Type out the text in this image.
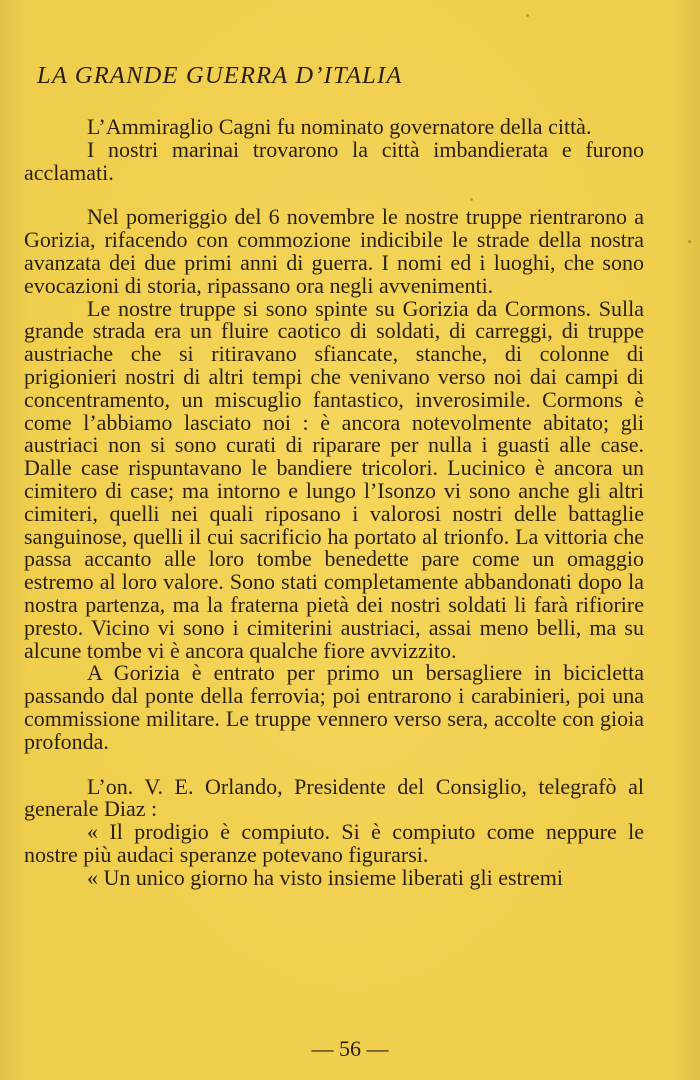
LA GRANDE GUERRA D’ITALIA

L’Ammiraglio Cagni fu nominato governatore della città.

I nostri marinai trovarono la città imbandierata e furono acclamati.

Nel pomeriggio del 6 novembre le nostre truppe rientrarono a Gorizia, rifacendo con commozione indicibile le strade della nostra avanzata dei due primi anni di guerra. I nomi ed i luoghi, che sono evocazioni di storia, ripassano ora negli avvenimenti.

Le nostre truppe si sono spinte su Gorizia da Cormons. Sulla grande strada era un fluire caotico di soldati, di carreggi, di truppe austriache che si ritiravano sfiancate, stanche, di colonne di prigionieri nostri di altri tempi che venivano verso noi dai campi di concentramento, un miscuglio fantastico, inverosimile. Cormons è come l’abbiamo lasciato noi : è ancora notevolmente abitato; gli austriaci non si sono curati di riparare per nulla i guasti alle case. Dalle case rispuntavano le bandiere tricolori. Lucinico è ancora un cimitero di case; ma intorno e lungo l’Isonzo vi sono anche gli altri cimiteri, quelli nei quali riposano i valorosi nostri delle battaglie sanguinose, quelli il cui sacrificio ha portato al trionfo. La vittoria che passa accanto alle loro tombe benedette pare come un omaggio estremo al loro valore. Sono stati completamente abbandonati dopo la nostra partenza, ma la fraterna pietà dei nostri soldati li farà rifiorire presto. Vicino vi sono i cimiterini austriaci, assai meno belli, ma su alcune tombe vi è ancora qualche fiore avvizzito.

A Gorizia è entrato per primo un bersagliere in bicicletta passando dal ponte della ferrovia; poi entrarono i carabinieri, poi una commissione militare. Le truppe vennero verso sera, accolte con gioia profonda.

L’on. V. E. Orlando, Presidente del Consiglio, telegrafò al generale Diaz :

« Il prodigio è compiuto. Si è compiuto come neppure le nostre più audaci speranze potevano figurarsi.

« Un unico giorno ha visto insieme liberati gli estremi

— 56 —
